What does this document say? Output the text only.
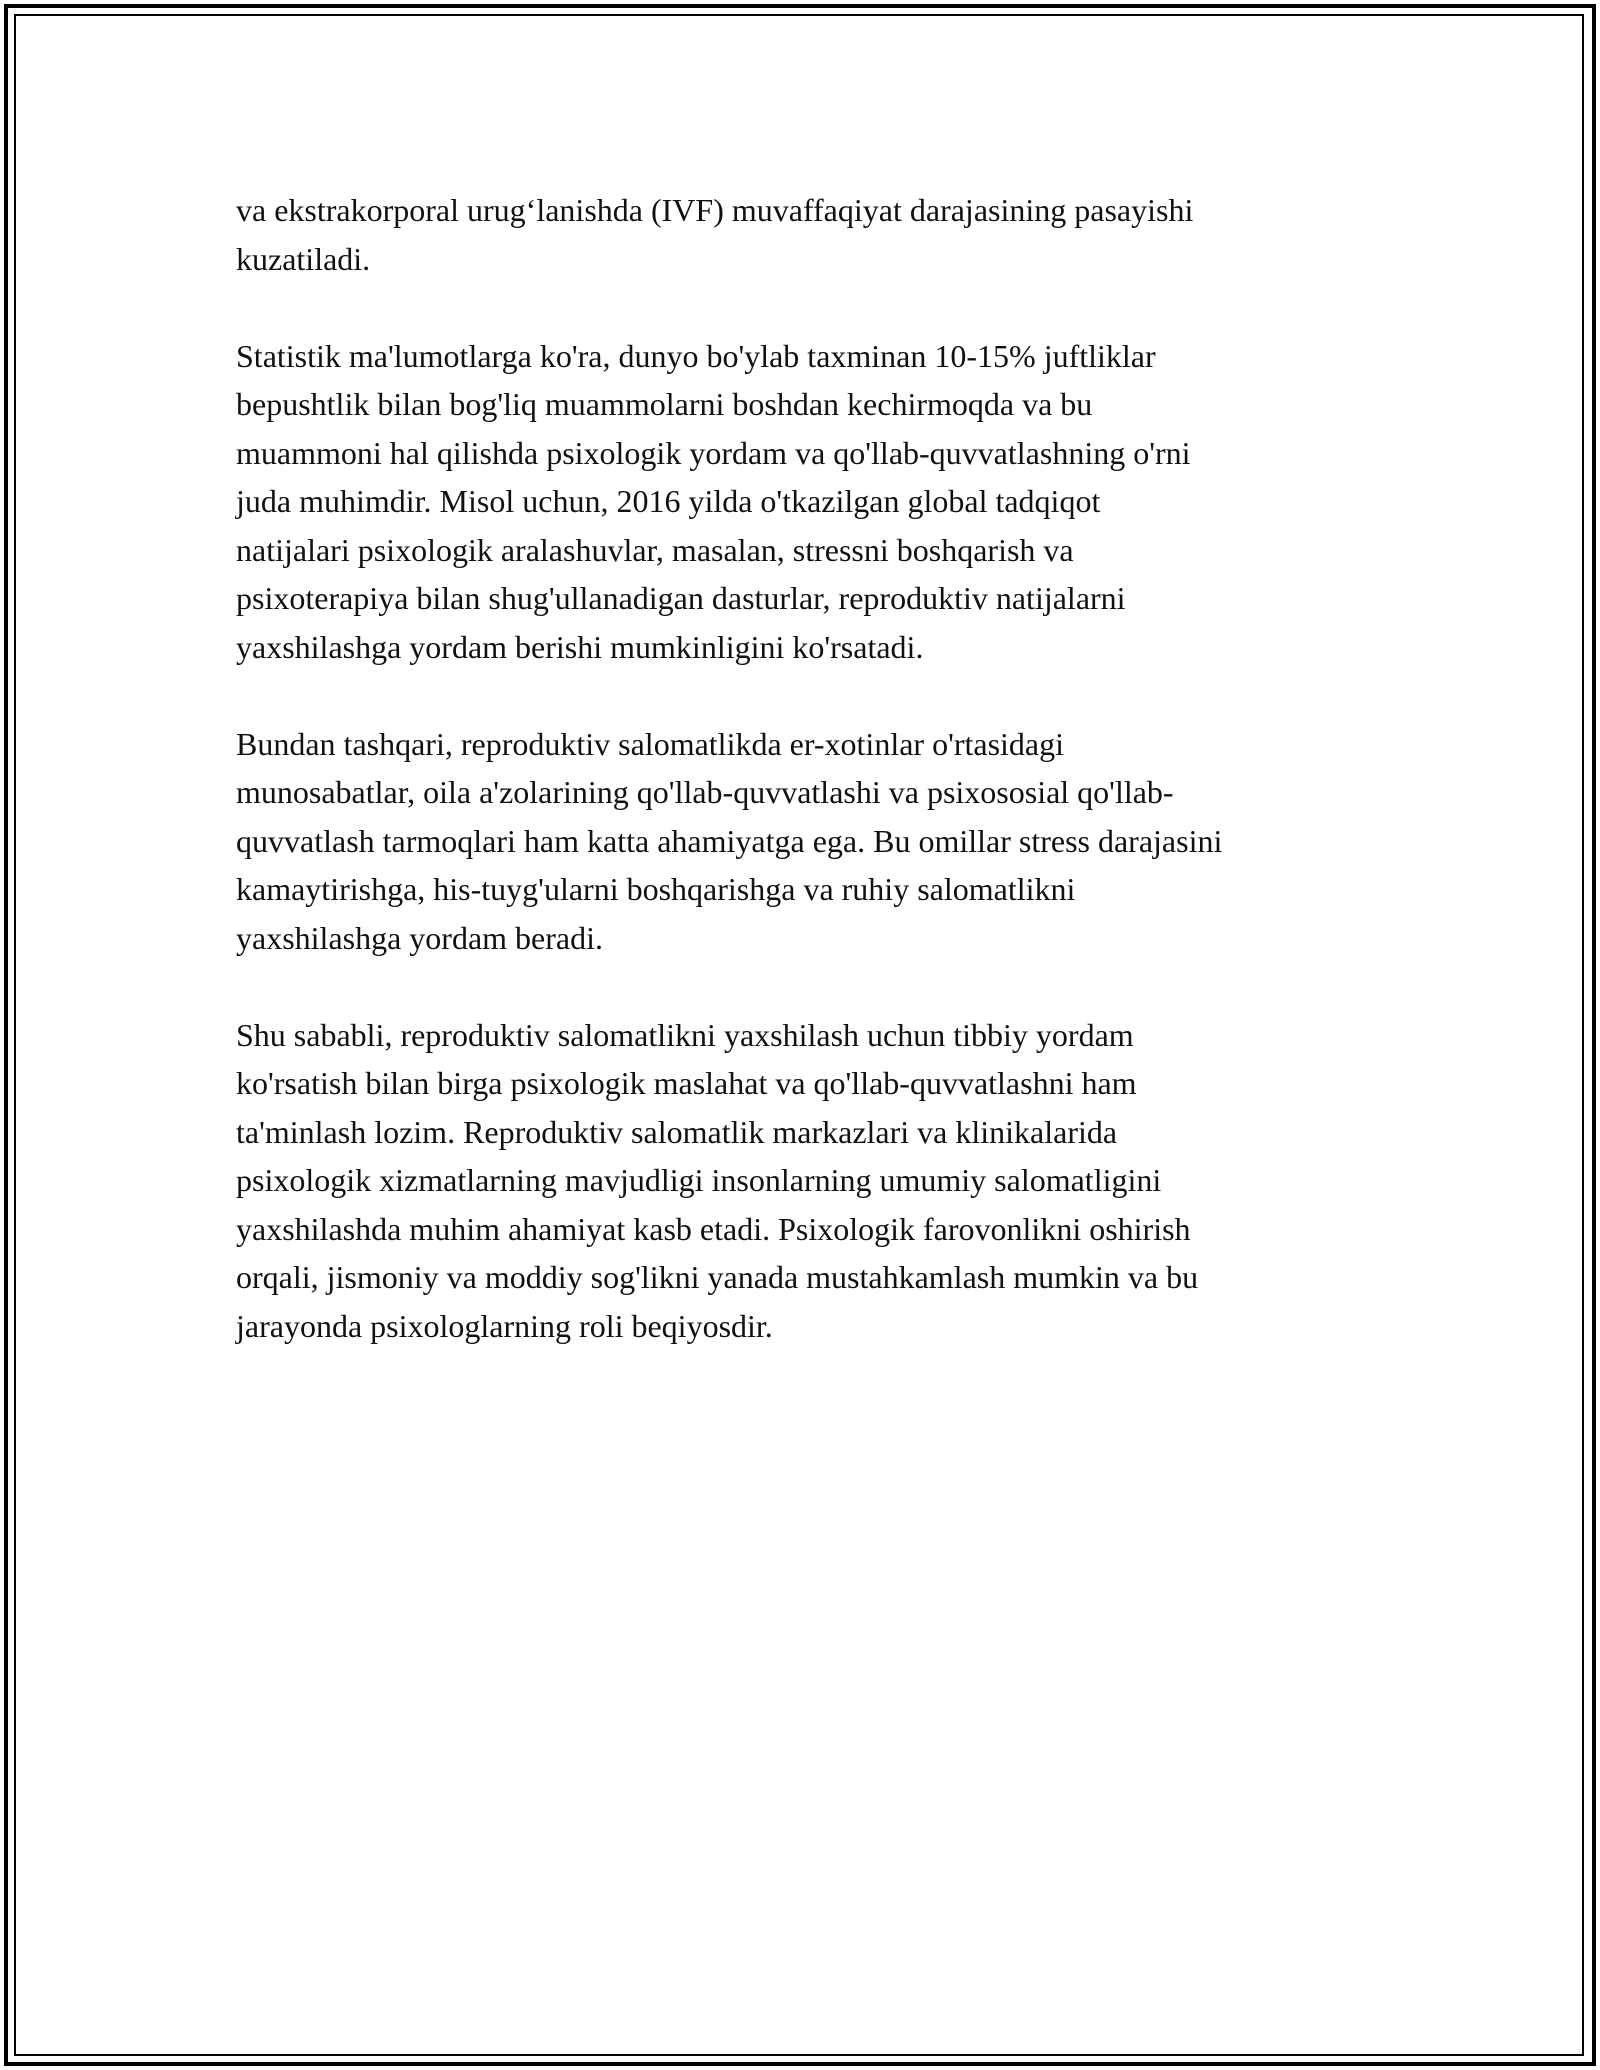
va ekstrakorporal urug‘lanishda (IVF) muvaffaqiyat darajasining pasayishi
kuzatiladi.

Statistik ma'lumotlarga ko'ra, dunyo bo'ylab taxminan 10-15% juftliklar
bepushtlik bilan bog'liq muammolarni boshdan kechirmoqda va bu
muammoni hal qilishda psixologik yordam va qo'llab-quvvatlashning o'rni
juda muhimdir. Misol uchun, 2016 yilda o'tkazilgan global tadqiqot
natijalari psixologik aralashuvlar, masalan, stressni boshqarish va
psixoterapiya bilan shug'ullanadigan dasturlar, reproduktiv natijalarni
yaxshilashga yordam berishi mumkinligini ko'rsatadi.

Bundan tashqari, reproduktiv salomatlikda er-xotinlar o'rtasidagi
munosabatlar, oila a'zolarining qo'llab-quvvatlashi va psixososial qo'llab-
quvvatlash tarmoqlari ham katta ahamiyatga ega. Bu omillar stress darajasini
kamaytirishga, his-tuyg'ularni boshqarishga va ruhiy salomatlikni
yaxshilashga yordam beradi.

Shu sababli, reproduktiv salomatlikni yaxshilash uchun tibbiy yordam
ko'rsatish bilan birga psixologik maslahat va qo'llab-quvvatlashni ham
ta'minlash lozim. Reproduktiv salomatlik markazlari va klinikalarida
psixologik xizmatlarning mavjudligi insonlarning umumiy salomatligini
yaxshilashda muhim ahamiyat kasb etadi. Psixologik farovonlikni oshirish
orqali, jismoniy va moddiy sog'likni yanada mustahkamlash mumkin va bu
jarayonda psixologlarning roli beqiyosdir.
